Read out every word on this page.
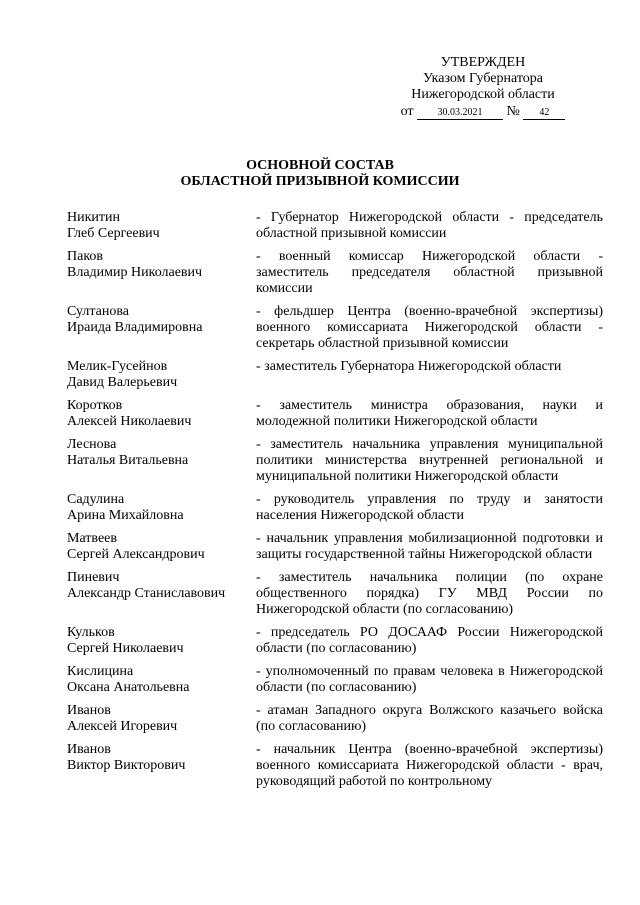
УТВЕРЖДЕН
Указом Губернатора
Нижегородской области
от 30.03.2021 № 42
ОСНОВНОЙ СОСТАВ
ОБЛАСТНОЙ ПРИЗЫВНОЙ КОМИССИИ
Никитин
Глеб Сергеевич
- Губернатор Нижегородской области - председатель областной призывной комиссии
Паков
Владимир Николаевич
- военный комиссар Нижегородской области - заместитель председателя областной призывной комиссии
Султанова
Ираида Владимировна
- фельдшер Центра (военно-врачебной экспертизы) военного комиссариата Нижегородской области - секретарь областной призывной комиссии
Мелик-Гусейнов
Давид Валерьевич
- заместитель Губернатора Нижегородской области
Коротков
Алексей Николаевич
- заместитель министра образования, науки и молодежной политики Нижегородской области
Леснова
Наталья Витальевна
- заместитель начальника управления муниципальной политики министерства внутренней региональной и муниципальной политики Нижегородской области
Садулина
Арина Михайловна
- руководитель управления по труду и занятости населения Нижегородской области
Матвеев
Сергей Александрович
- начальник управления мобилизационной подготовки и защиты государственной тайны Нижегородской области
Пиневич
Александр Станиславович
- заместитель начальника полиции (по охране общественного порядка) ГУ МВД России по Нижегородской области (по согласованию)
Кульков
Сергей Николаевич
- председатель РО ДОСААФ России Нижегородской области (по согласованию)
Кислицина
Оксана Анатольевна
- уполномоченный по правам человека в Нижегородской области (по согласованию)
Иванов
Алексей Игоревич
- атаман Западного округа Волжского казачьего войска (по согласованию)
Иванов
Виктор Викторович
- начальник Центра (военно-врачебной экспертизы) военного комиссариата Нижегородской области - врач, руководящий работой по контрольному
